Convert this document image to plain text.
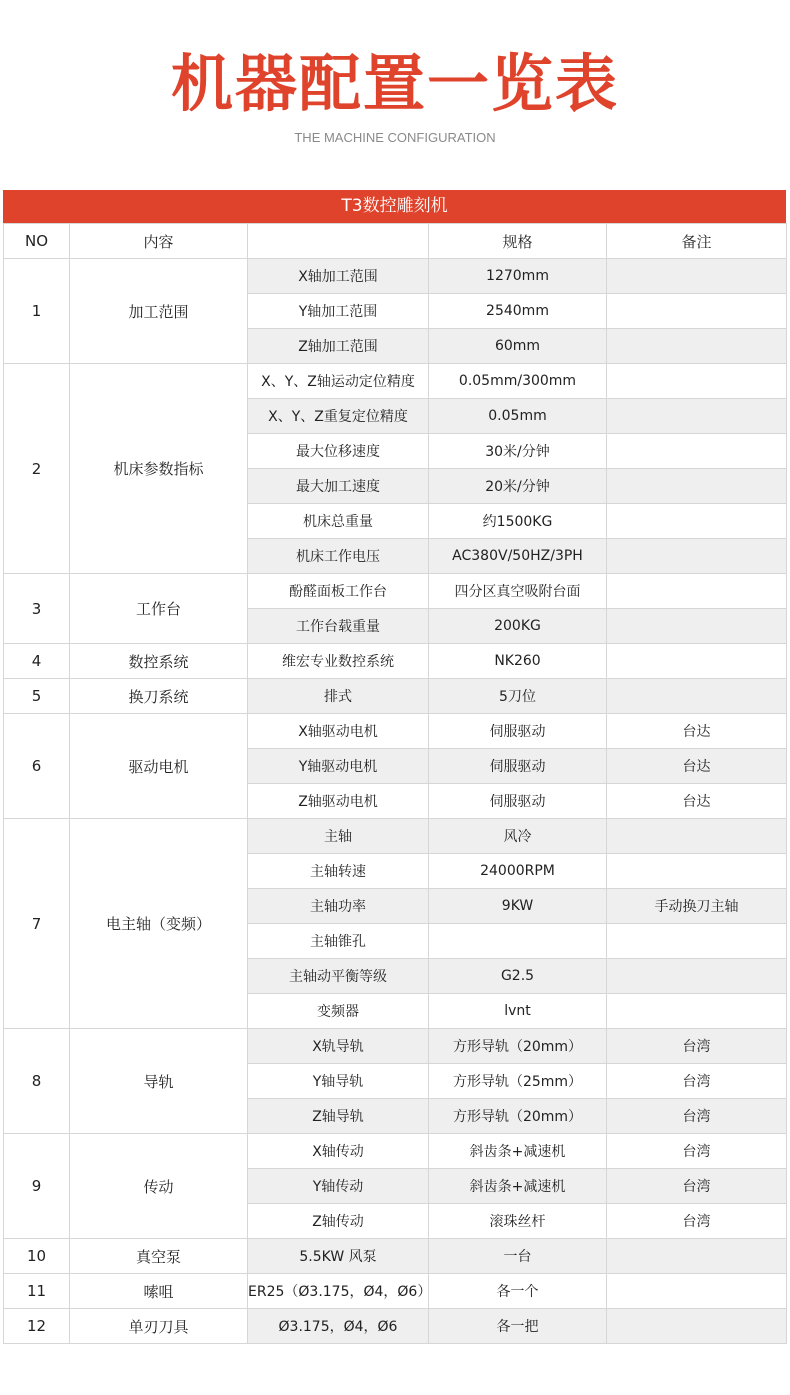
机器配置一览表
THE MACHINE CONFIGURATION
T3数控雕刻机
NO	内容		规格	备注
1	加工范围	X轴加工范围	1270mm	
		Y轴加工范围	2540mm	
		Z轴加工范围	60mm	
2	机床参数指标	X、Y、Z轴运动定位精度	0.05mm/300mm	
		X、Y、Z重复定位精度	0.05mm	
		最大位移速度	30米/分钟	
		最大加工速度	20米/分钟	
		机床总重量	约1500KG	
		机床工作电压	AC380V/50HZ/3PH	
3	工作台	酚醛面板工作台	四分区真空吸附台面	
		工作台载重量	200KG	
4	数控系统	维宏专业数控系统	NK260	
5	换刀系统	排式	5刀位	
6	驱动电机	X轴驱动电机	伺服驱动	台达
		Y轴驱动电机	伺服驱动	台达
		Z轴驱动电机	伺服驱动	台达
7	电主轴（变频）	主轴	风冷	
		主轴转速	24000RPM	
		主轴功率	9KW	手动换刀主轴
		主轴锥孔		
		主轴动平衡等级	G2.5	
		变频器	lvnt	
8	导轨	X轨导轨	方形导轨（20mm）	台湾
		Y轴导轨	方形导轨（25mm）	台湾
		Z轴导轨	方形导轨（20mm）	台湾
9	传动	X轴传动	斜齿条+减速机	台湾
		Y轴传动	斜齿条+减速机	台湾
		Z轴传动	滚珠丝杆	台湾
10	真空泵	5.5KW 风泵	一台	
11	嗦咀	ER25（Ø3.175，Ø4，Ø6）	各一个	
12	单刃刀具	Ø3.175，Ø4，Ø6	各一把	
